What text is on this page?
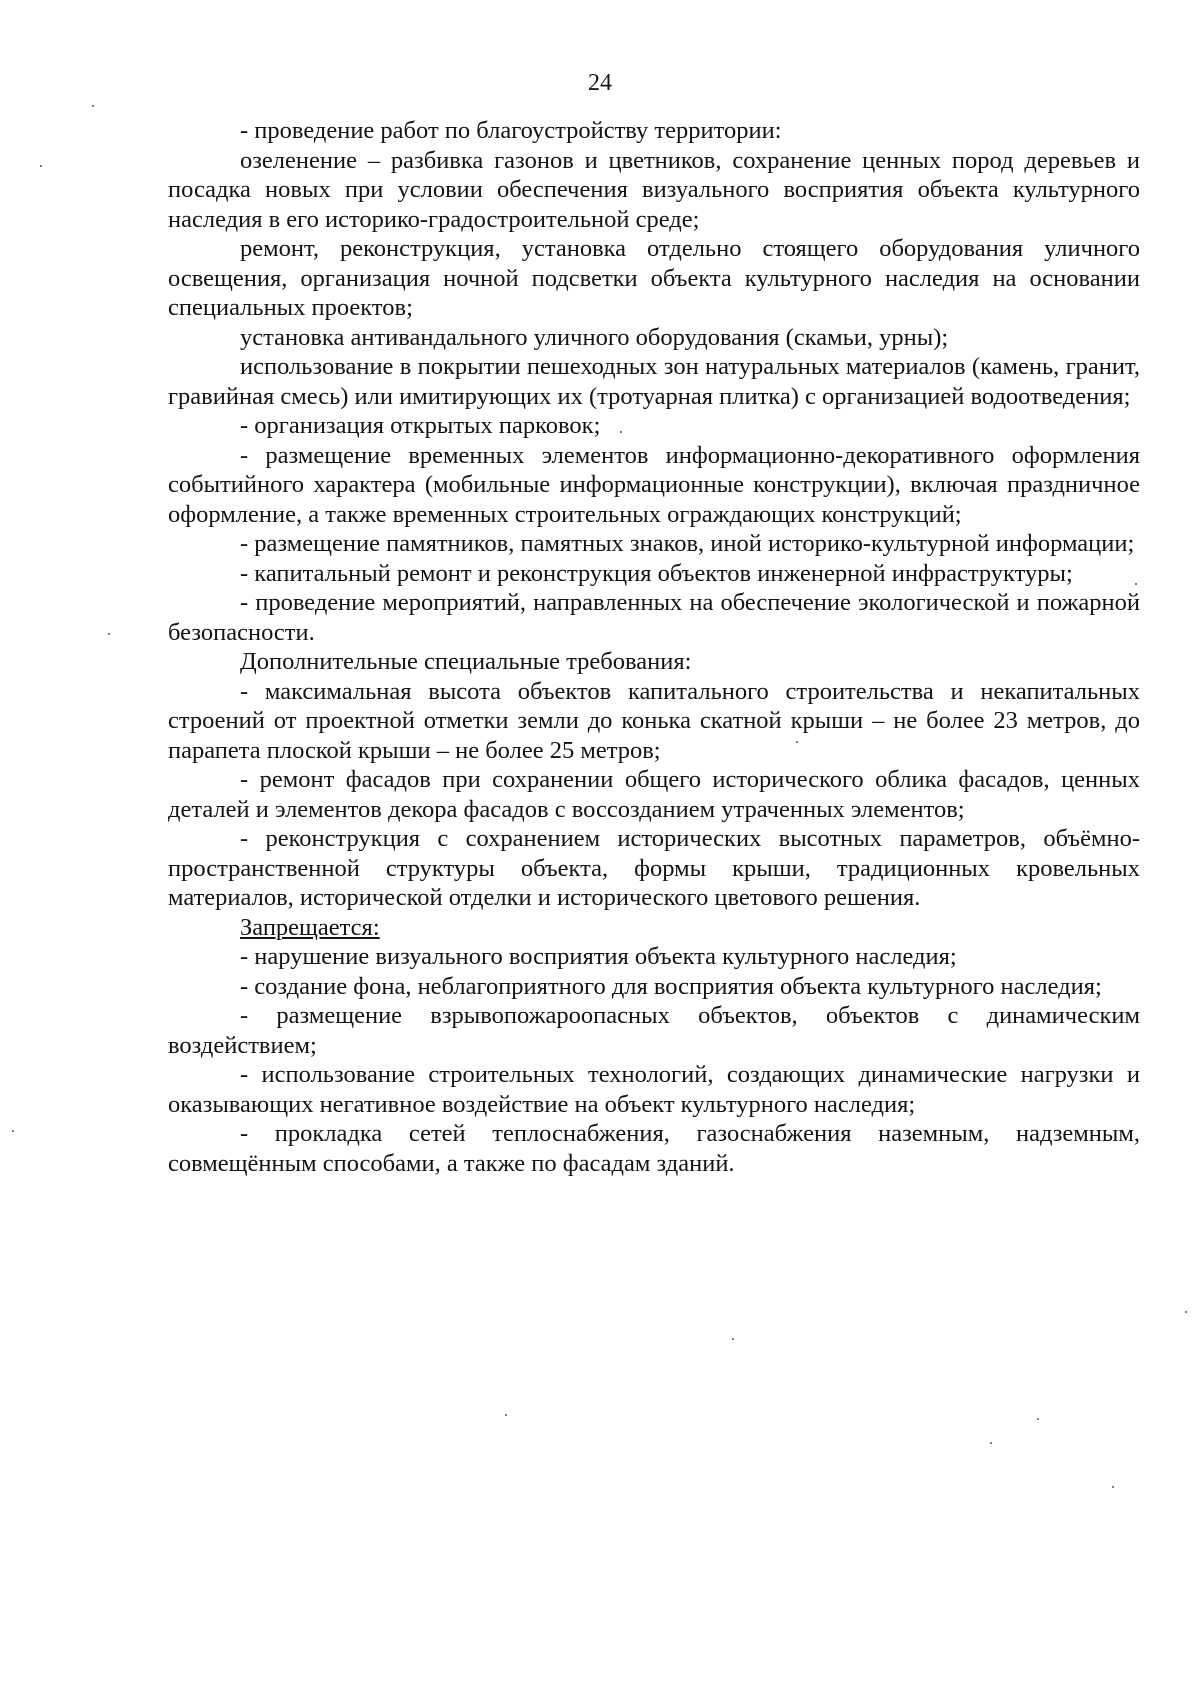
24

- проведение работ по благоустройству территории:

озеленение – разбивка газонов и цветников, сохранение ценных пород деревьев и посадка новых при условии обеспечения визуального восприятия объекта культурного наследия в его историко-градостроительной среде;

ремонт, реконструкция, установка отдельно стоящего оборудования уличного освещения, организация ночной подсветки объекта культурного наследия на основании специальных проектов;

установка антивандального уличного оборудования (скамьи, урны);

использование в покрытии пешеходных зон натуральных материалов (камень, гранит, гравийная смесь) или имитирующих их (тротуарная плитка) с организацией водоотведения;

- организация открытых парковок;

- размещение временных элементов информационно-декоративного оформления событийного характера (мобильные информационные конструкции), включая праздничное оформление, а также временных строительных ограждающих конструкций;

- размещение памятников, памятных знаков, иной историко-культурной информации;

- капитальный ремонт и реконструкция объектов инженерной инфраструктуры;

- проведение мероприятий, направленных на обеспечение экологической и пожарной безопасности.

Дополнительные специальные требования:

- максимальная высота объектов капитального строительства и некапитальных строений от проектной отметки земли до конька скатной крыши – не более 23 метров, до парапета плоской крыши – не более 25 метров;

- ремонт фасадов при сохранении общего исторического облика фасадов, ценных деталей и элементов декора фасадов с воссозданием утраченных элементов;

- реконструкция с сохранением исторических высотных параметров, объёмно-пространственной структуры объекта, формы крыши, традиционных кровельных материалов, исторической отделки и исторического цветового решения.

Запрещается:

- нарушение визуального восприятия объекта культурного наследия;

- создание фона, неблагоприятного для восприятия объекта культурного наследия;

- размещение взрывопожароопасных объектов, объектов с динамическим воздействием;

- использование строительных технологий, создающих динамические нагрузки и оказывающих негативное воздействие на объект культурного наследия;

- прокладка сетей теплоснабжения, газоснабжения наземным, надземным, совмещённым способами, а также по фасадам зданий.
